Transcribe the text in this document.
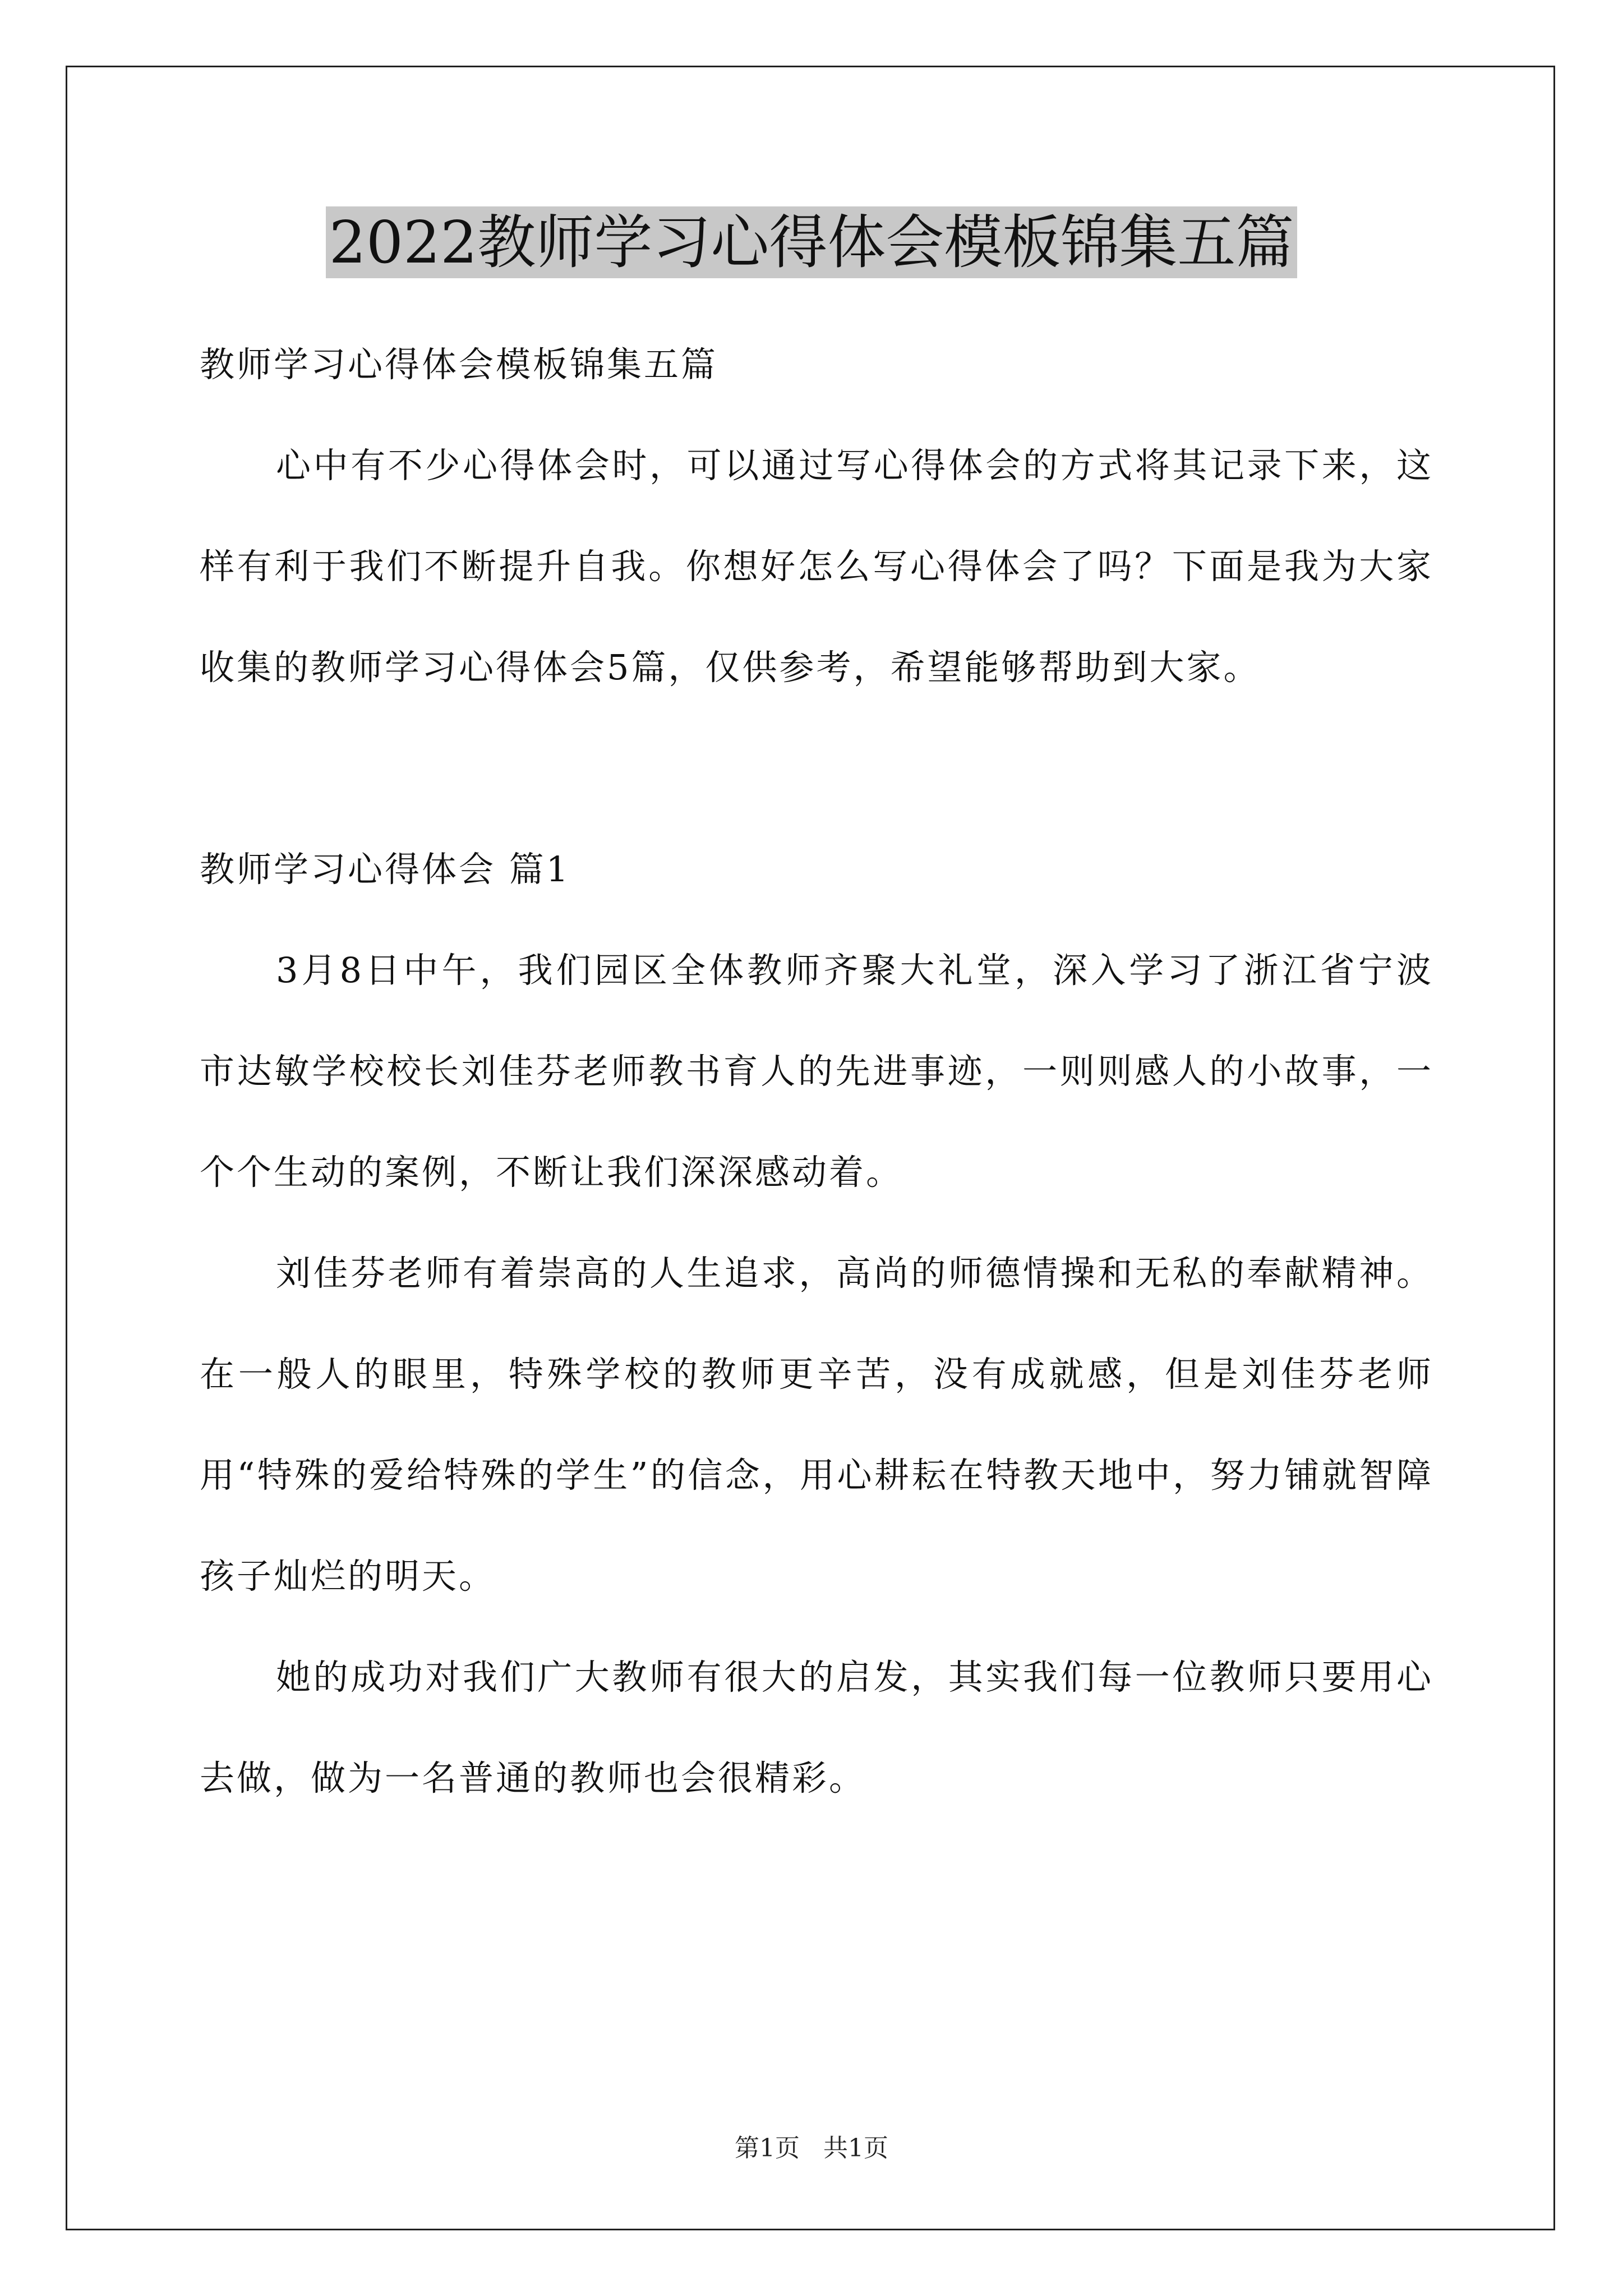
2022教师学习心得体会模板锦集五篇

教师学习心得体会模板锦集五篇

心中有不少心得体会时，可以通过写心得体会的方式将其记录下来，这样有利于我们不断提升自我。你想好怎么写心得体会了吗？下面是我为大家收集的教师学习心得体会5篇，仅供参考，希望能够帮助到大家。

教师学习心得体会 篇1

3月8日中午，我们园区全体教师齐聚大礼堂，深入学习了浙江省宁波市达敏学校校长刘佳芬老师教书育人的先进事迹，一则则感人的小故事，一个个生动的案例，不断让我们深深感动着。

刘佳芬老师有着崇高的人生追求，高尚的师德情操和无私的奉献精神。在一般人的眼里，特殊学校的教师更辛苦，没有成就感，但是刘佳芬老师用“特殊的爱给特殊的学生”的信念，用心耕耘在特教天地中，努力铺就智障孩子灿烂的明天。

她的成功对我们广大教师有很大的启发，其实我们每一位教师只要用心去做，做为一名普通的教师也会很精彩。

第1页   共1页
